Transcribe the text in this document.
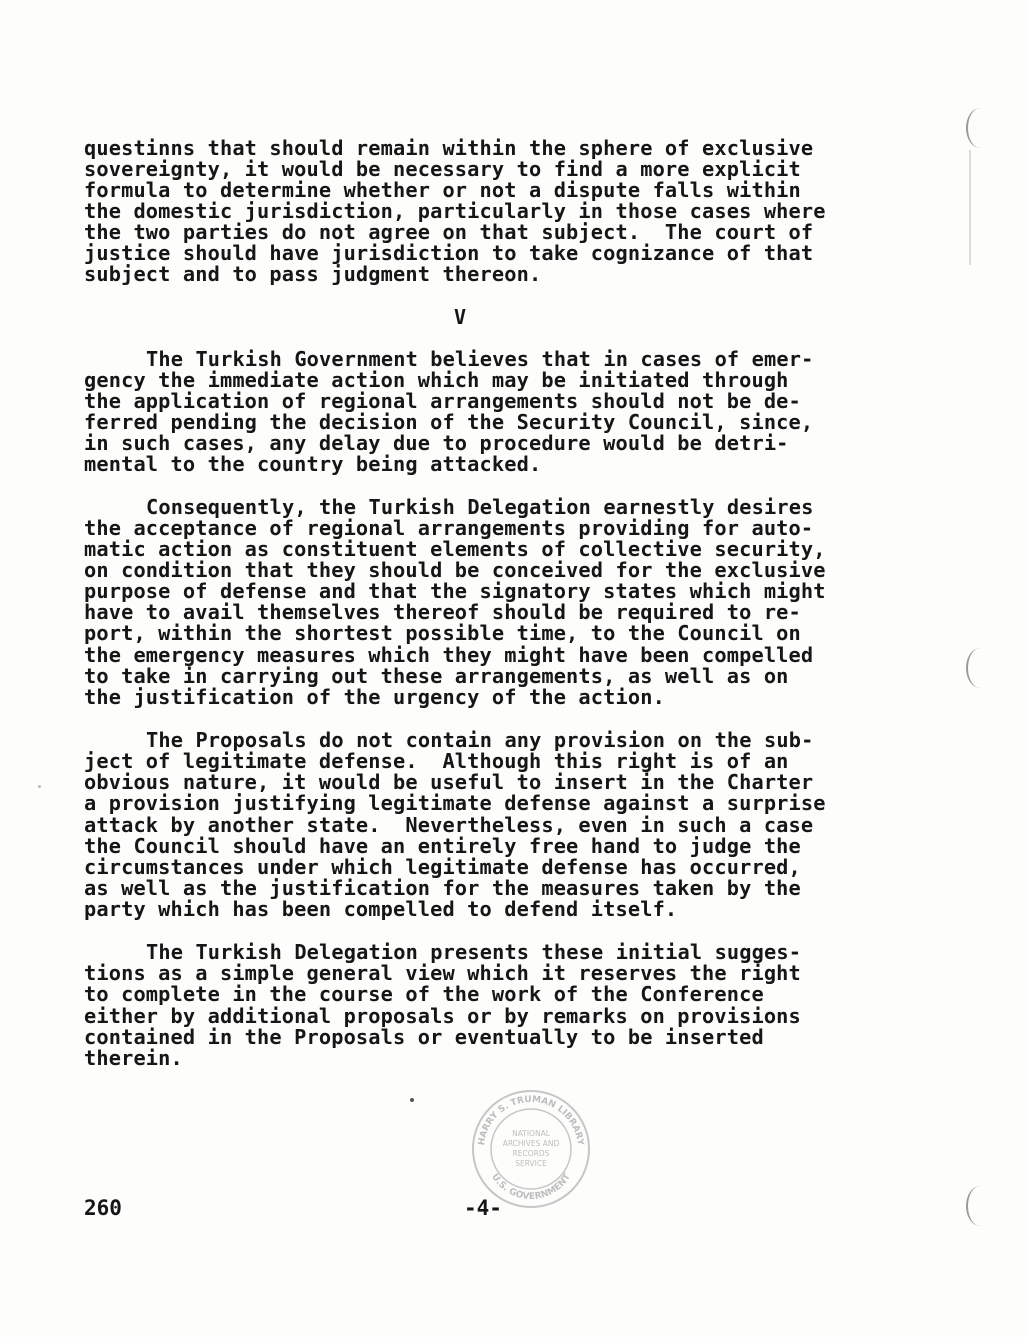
questinns that should remain within the sphere of exclusive
sovereignty, it would be necessary to find a more explicit
formula to determine whether or not a dispute falls within
the domestic jurisdiction, particularly in those cases where
the two parties do not agree on that subject.  The court of
justice should have jurisdiction to take cognizance of that
subject and to pass judgment thereon.
V
The Turkish Government believes that in cases of emer-
gency the immediate action which may be initiated through
the application of regional arrangements should not be de-
ferred pending the decision of the Security Council, since,
in such cases, any delay due to procedure would be detri-
mental to the country being attacked.
Consequently, the Turkish Delegation earnestly desires
the acceptance of regional arrangements providing for auto-
matic action as constituent elements of collective security,
on condition that they should be conceived for the exclusive
purpose of defense and that the signatory states which might
have to avail themselves thereof should be required to re-
port, within the shortest possible time, to the Council on
the emergency measures which they might have been compelled
to take in carrying out these arrangements, as well as on
the justification of the urgency of the action.
The Proposals do not contain any provision on the sub-
ject of legitimate defense.  Although this right is of an
obvious nature, it would be useful to insert in the Charter
a provision justifying legitimate defense against a surprise
attack by another state.  Nevertheless, even in such a case
the Council should have an entirely free hand to judge the
circumstances under which legitimate defense has occurred,
as well as the justification for the measures taken by the
party which has been compelled to defend itself.
The Turkish Delegation presents these initial sugges-
tions as a simple general view which it reserves the right
to complete in the course of the work of the Conference
either by additional proposals or by remarks on provisions
contained in the Proposals or eventually to be inserted
therein.
HARRY S. TRUMAN LIBRARY
U.S. GOVERNMENT
NATIONAL
ARCHIVES AND
RECORDS
SERVICE
260	-4-
